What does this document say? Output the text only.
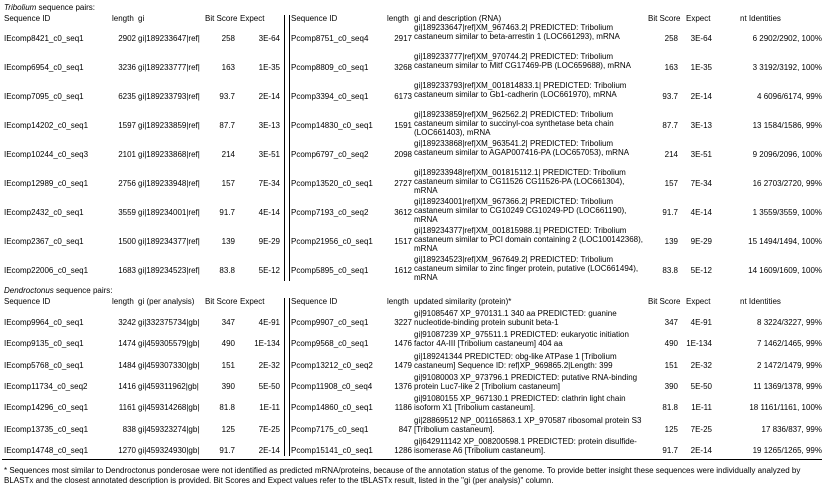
Tribolium sequence pairs:
Sequence ID	length gi	Bit Score Expect	Sequence ID	length gi and description (RNA)	Bit Score Expect	nt Identities
IEcomp8421_c0_seq1	2902 gi|189233647|ref|	258	3E-64 Pcomp8751_c0_seq4	2917
gi|189233647|ref|XM_967463.2| PREDICTED: Tribolium
castaneum similar to beta-arrestin 1 (LOC661293), mRNA	258	3E-64	6 2902/2902, 100%
IEcomp6954_c0_seq1	3236 gi|189233777|ref|	163	1E-35 Pcomp8809_c0_seq1	3268
gi|189233777|ref|XM_970744.2| PREDICTED: Tribolium
castaneum similar to Mitf CG17469-PB (LOC659688), mRNA	163	1E-35	3 3192/3192, 100%
IEcomp7095_c0_seq1	6235 gi|189233793|ref|	93.7	2E-14 Pcomp3394_c0_seq1	6173
gi|189233793|ref|XM_001814833.1| PREDICTED: Tribolium
castaneum similar to Gb1-cadherin (LOC661970), mRNA	93.7	2E-14	4 6096/6174, 99%
IEcomp14202_c0_seq1	1597 gi|189233859|ref|	87.7	3E-13 Pcomp14830_c0_seq1	1591
gi|189233859|ref|XM_962562.2| PREDICTED: Tribolium
castaneum similar to succinyl-coa synthetase beta chain
(LOC661403), mRNA
87.7	3E-13	13 1584/1586, 99%
IEcomp10244_c0_seq3	2101 gi|189233868|ref|	214	3E-51 Pcomp6797_c0_seq2	2098
gi|189233868|ref|XM_963541.2| PREDICTED: Tribolium
castaneum similar to AGAP007416-PA (LOC657053), mRNA	214	3E-51	9 2096/2096, 100%
IEcomp12989_c0_seq1	2756 gi|189233948|ref|	157	7E-34 Pcomp13520_c0_seq1	2727
gi|189233948|ref|XM_001815112.1| PREDICTED: Tribolium
castaneum similar to CG11526 CG11526-PA (LOC661304),
mRNA
157	7E-34	16 2703/2720, 99%
IEcomp2432_c0_seq1	3559 gi|189234001|ref|	91.7	4E-14 Pcomp7193_c0_seq2	3612
gi|189234001|ref|XM_967366.2| PREDICTED: Tribolium
castaneum similar to CG10249 CG10249-PD (LOC661190),
mRNA
91.7	4E-14	1 3559/3559, 100%
IEcomp2367_c0_seq1	1500 gi|189234377|ref|	139	9E-29 Pcomp21956_c0_seq1	1517
gi|189234377|ref|XM_001815988.1| PREDICTED: Tribolium
castaneum similar to PCI domain containing 2 (LOC100142368),
mRNA
139	9E-29	15 1494/1494, 100%
IEcomp22006_c0_seq1	1683 gi|189234523|ref|	83.8	5E-12 Pcomp5895_c0_seq1	1612
gi|189234523|ref|XM_967649.2| PREDICTED: Tribolium
castaneum similar to zinc finger protein, putative (LOC661494),
mRNA
83.8	5E-12	14 1609/1609, 100%
Dendroctonus sequence pairs:
Sequence ID	length gi (per analysis) Bit Score Expect	Sequence ID	length updated similarity (protein)*	Bit Score Expect	nt Identities
IEcomp9964_c0_seq1	3242 gi|332375734|gb|	347	4E-91 Pcomp9907_c0_seq1	3227
gi|91085467 XP_970131.1 340 aa PREDICTED: guanine
nucleotide-binding protein subunit beta-1	347	4E-91	8 3224/3227, 99%
IEcomp9135_c0_seq1	1474 gi|459305579|gb|	490	1E-134 Pcomp9568_c0_seq1	1476
gi|91087239 XP_975511.1 PREDICTED: eukaryotic initiation
factor 4A-III [Tribolium castaneum] 404 aa	490	1E-134	7 1462/1465, 99%
IEcomp5768_c0_seq1	1484 gi|459307330|gb|	151	2E-32 Pcomp13212_c0_seq2	1479
gi|189241344 PREDICTED: obg-like ATPase 1 [Tribolium
castaneum] Sequence ID: ref|XP_969865.2|Length: 399	151	2E-32	2 1472/1479, 99%
IEcomp11734_c0_seq2	1416 gi|459311962|gb|	390	5E-50 Pcomp11908_c0_seq4	1376
gi|91080003 XP_973796.1 PREDICTED: putative RNA-binding
protein Luc7-like 2 [Tribolium castaneum]	390	5E-50	11 1369/1378, 99%
IEcomp14296_c0_seq1	1161 gi|459314268|gb|	81.8	1E-11 Pcomp14860_c0_seq1	1186
gi|91080155 XP_967130.1 PREDICTED: clathrin light chain
isoform X1 [Tribolium castaneum].	81.8	1E-11	18 1161/1161, 100%
IEcomp13735_c0_seq1	838 gi|459323274|gb|	125	7E-25 Pcomp7175_c0_seq1	847
gi|28869512 NP_001165863.1 XP_970587 ribosomal protein S3
[Tribolium castaneum].	125	7E-25	17 836/837, 99%
IEcomp14748_c0_seq1	1270 gi|459324930|gb|	91.7	2E-14 Pcomp15141_c0_seq1	1286
gi|642911142 XP_008200598.1 PREDICTED: protein disulfide-
isomerase A6 [Tribolium castaneum].	91.7	2E-14	19 1265/1265, 99%
* Sequences most similar to Dendroctonus ponderosae were not identified as predicted mRNA/proteins, because of the annotation status of the genome. To provide better insight these sequences were individually analyzed by BLASTx and the closest annotated description is provided. Bit Scores and Expect values refer to the tBLASTx result, listed in the "gi (per analysis)" column.
